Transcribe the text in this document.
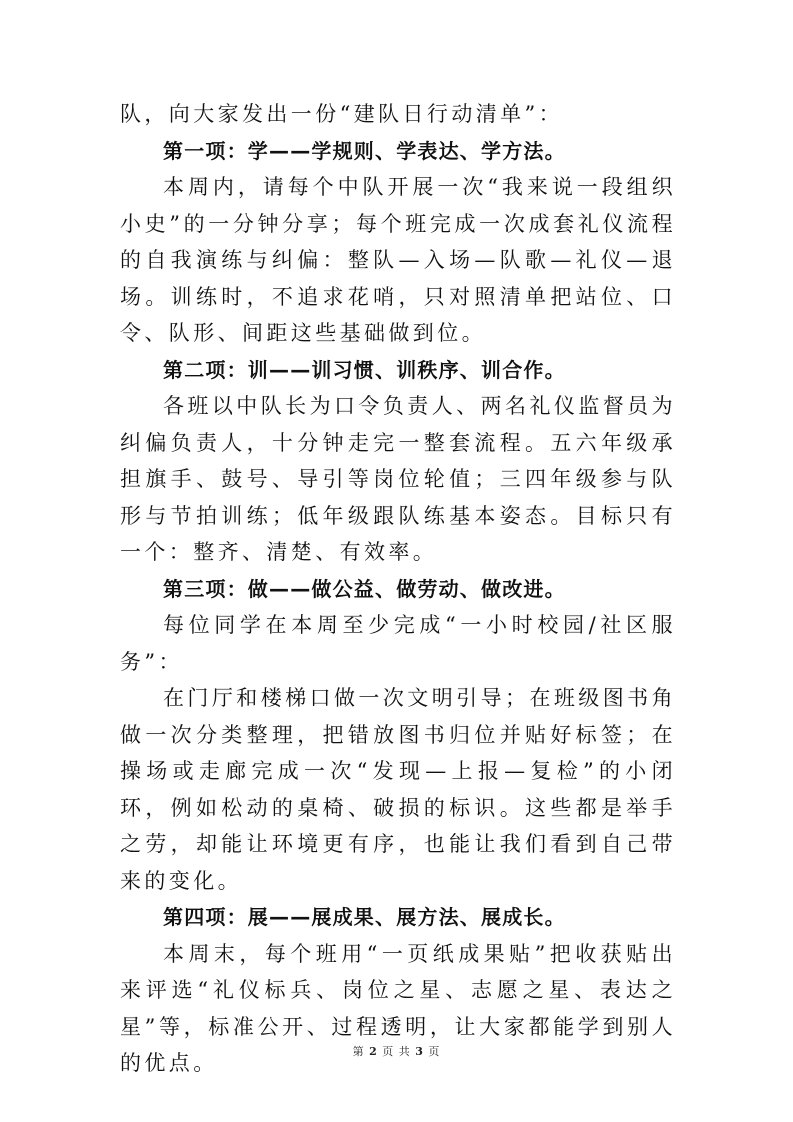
队，向大家发出一份“建队日行动清单”：

第一项：学——学规则、学表达、学方法。

本周内，请每个中队开展一次“我来说一段组织小史”的一分钟分享；每个班完成一次成套礼仪流程的自我演练与纠偏：整队—入场—队歌—礼仪—退场。训练时，不追求花哨，只对照清单把站位、口令、队形、间距这些基础做到位。

第二项：训——训习惯、训秩序、训合作。

各班以中队长为口令负责人、两名礼仪监督员为纠偏负责人，十分钟走完一整套流程。五六年级承担旗手、鼓号、导引等岗位轮值；三四年级参与队形与节拍训练；低年级跟队练基本姿态。目标只有一个：整齐、清楚、有效率。

第三项：做——做公益、做劳动、做改进。

每位同学在本周至少完成“一小时校园/社区服务”：

在门厅和楼梯口做一次文明引导；在班级图书角做一次分类整理，把错放图书归位并贴好标签；在操场或走廊完成一次“发现—上报—复检”的小闭环，例如松动的桌椅、破损的标识。这些都是举手之劳，却能让环境更有序，也能让我们看到自己带来的变化。

第四项：展——展成果、展方法、展成长。

本周末，每个班用“一页纸成果贴”把收获贴出来评选“礼仪标兵、岗位之星、志愿之星、表达之星”等，标准公开、过程透明，让大家都能学到别人的优点。	第 2 页 共 3 页
